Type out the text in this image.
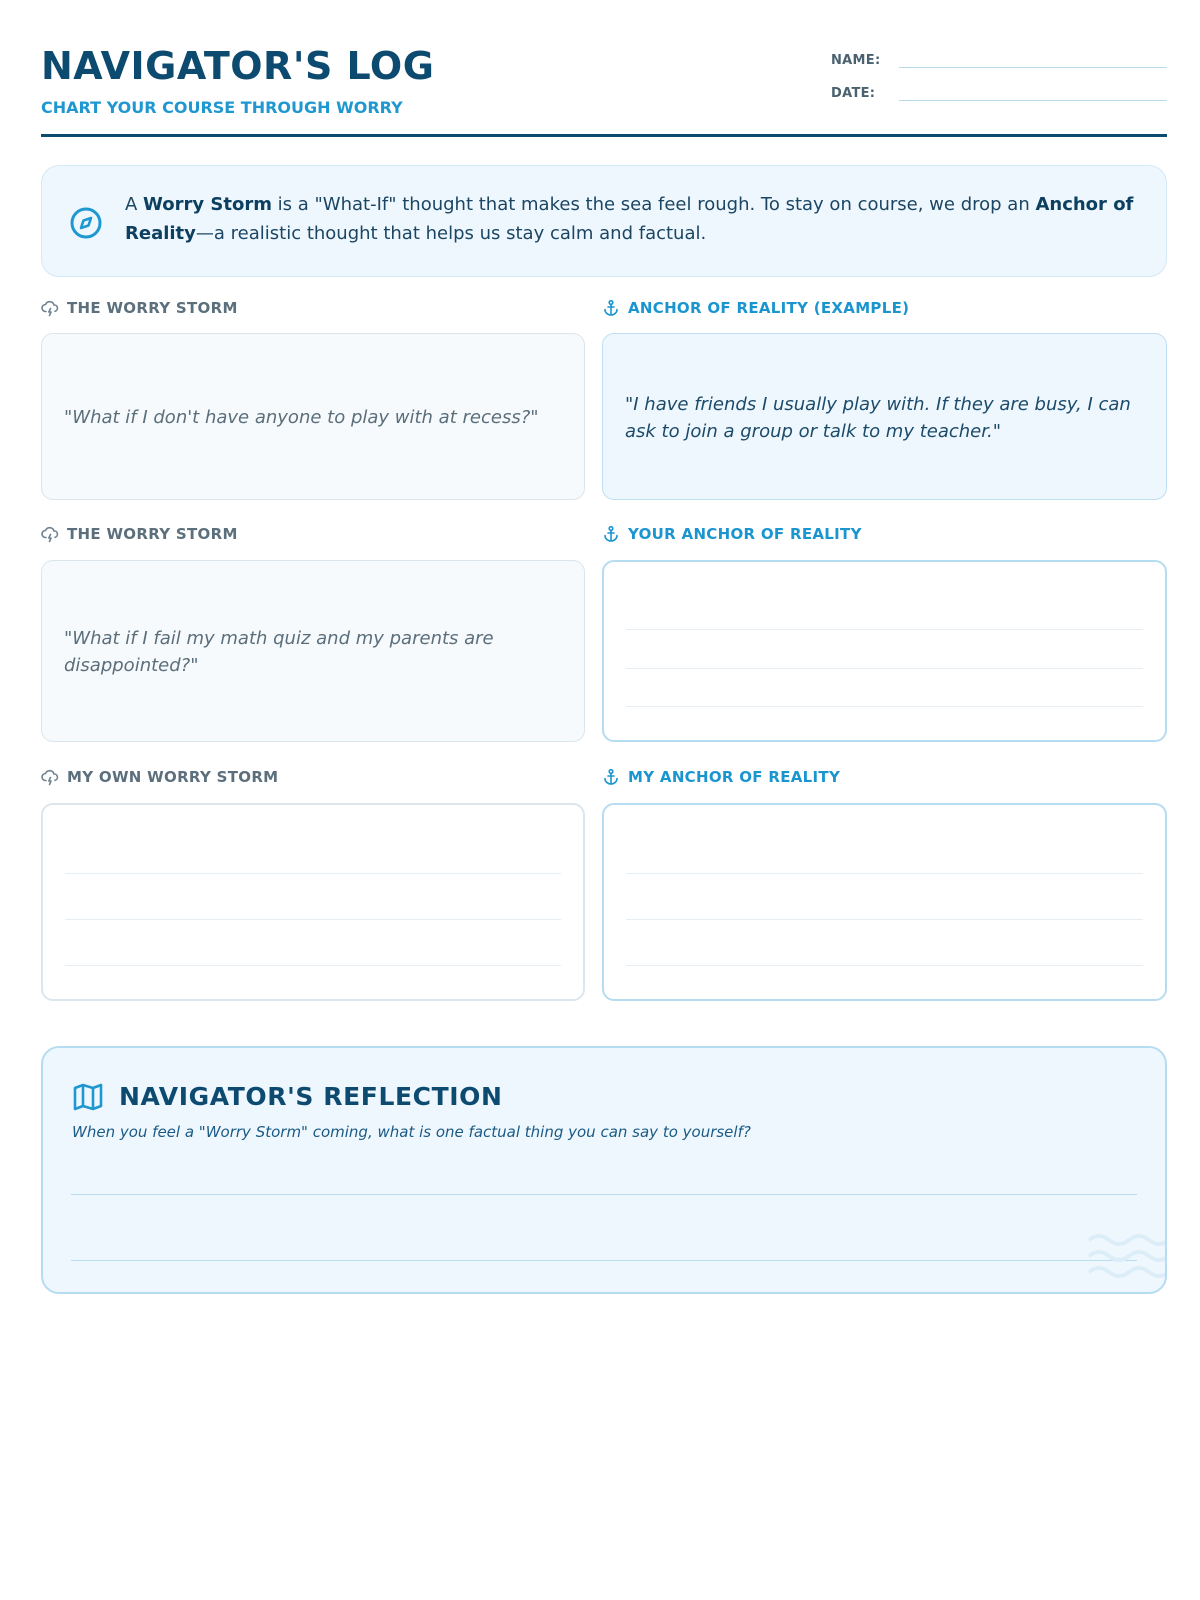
NAVIGATOR'S LOG
CHART YOUR COURSE THROUGH WORRY
NAME:
DATE:
A Worry Storm is a "What-If" thought that makes the sea feel rough. To stay on course, we drop an Anchor of Reality—a realistic thought that helps us stay calm and factual.
THE WORRY STORM	ANCHOR OF REALITY (EXAMPLE)
"What if I don't have anyone to play with at recess?"
"I have friends I usually play with. If they are busy, I can ask to join a group or talk to my teacher."
THE WORRY STORM	YOUR ANCHOR OF REALITY
"What if I fail my math quiz and my parents are disappointed?"
MY OWN WORRY STORM	MY ANCHOR OF REALITY
NAVIGATOR'S REFLECTION
When you feel a "Worry Storm" coming, what is one factual thing you can say to yourself?
